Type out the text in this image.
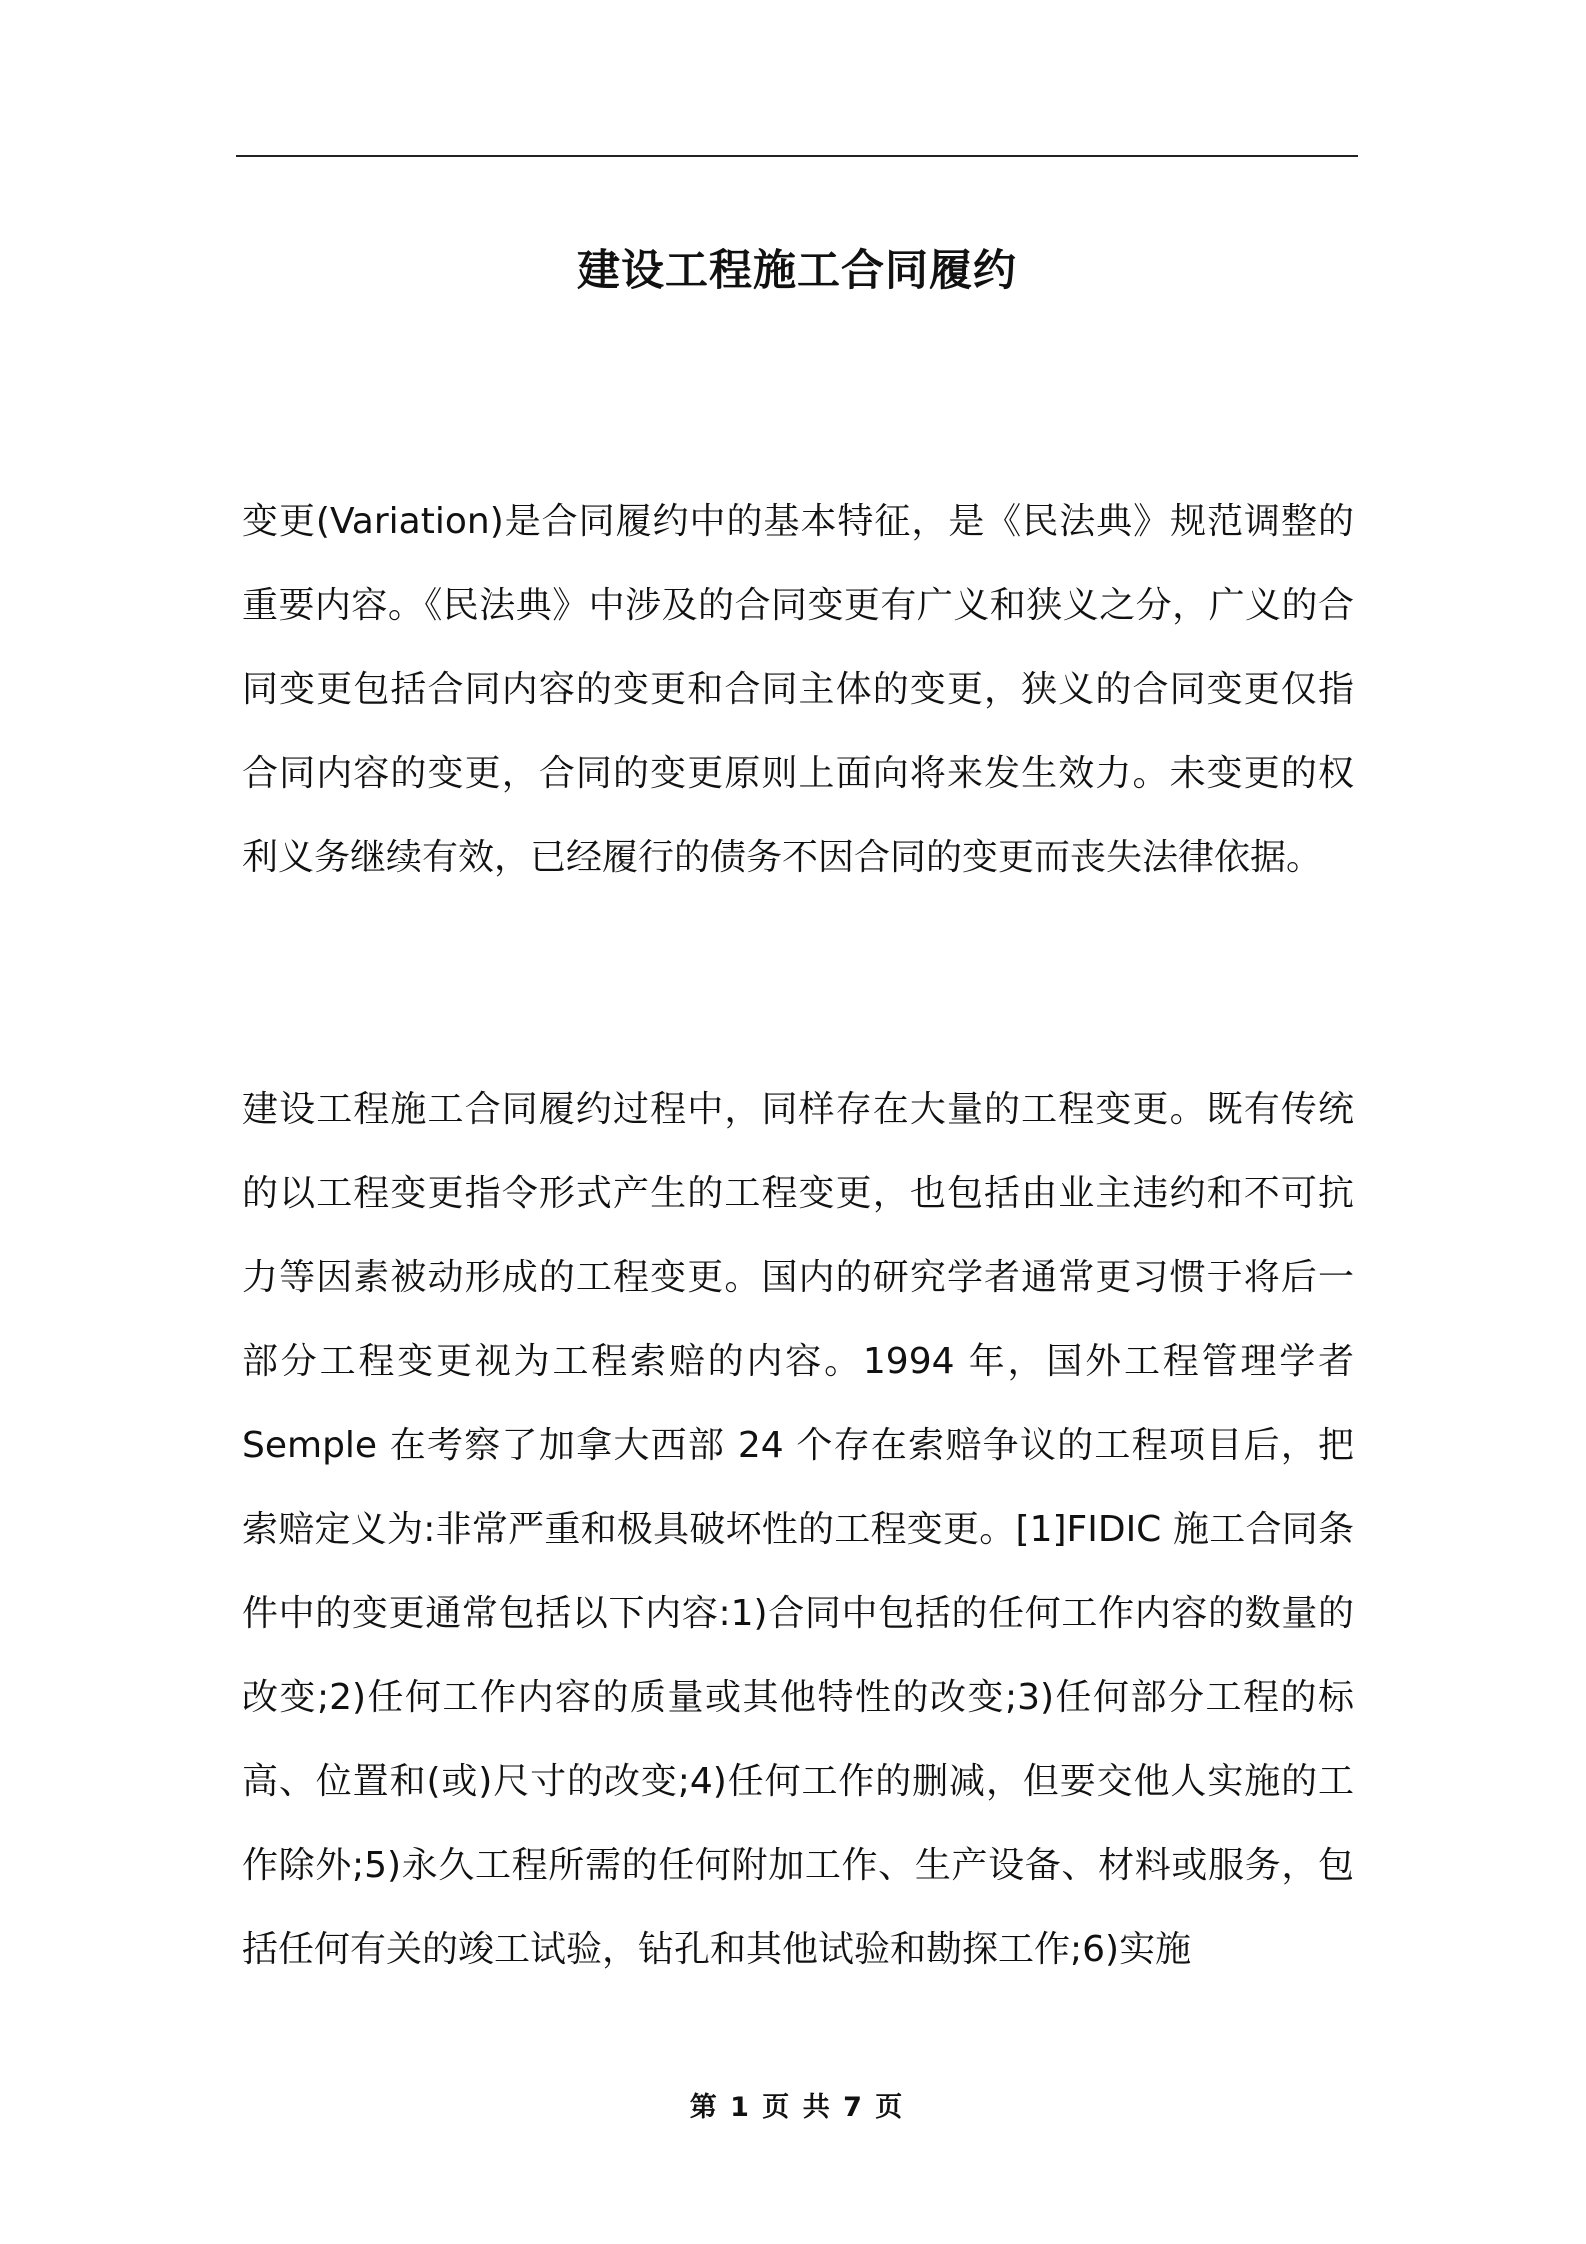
建设工程施工合同履约

变更(Variation)是合同履约中的基本特征，是《民法典》规范调整的重要内容。《民法典》中涉及的合同变更有广义和狭义之分，广义的合同变更包括合同内容的变更和合同主体的变更，狭义的合同变更仅指合同内容的变更，合同的变更原则上面向将来发生效力。未变更的权利义务继续有效，已经履行的债务不因合同的变更而丧失法律依据。

建设工程施工合同履约过程中，同样存在大量的工程变更。既有传统的以工程变更指令形式产生的工程变更，也包括由业主违约和不可抗力等因素被动形成的工程变更。国内的研究学者通常更习惯于将后一部分工程变更视为工程索赔的内容。1994 年，国外工程管理学者 Semple 在考察了加拿大西部 24 个存在索赔争议的工程项目后，把索赔定义为:非常严重和极具破坏性的工程变更。[1]FIDIC 施工合同条件中的变更通常包括以下内容:1)合同中包括的任何工作内容的数量的改变;2)任何工作内容的质量或其他特性的改变;3)任何部分工程的标高、位置和(或)尺寸的改变;4)任何工作的删减，但要交他人实施的工作除外;5)永久工程所需的任何附加工作、生产设备、材料或服务，包括任何有关的竣工试验，钻孔和其他试验和勘探工作;6)实施

第 1 页 共 7 页
